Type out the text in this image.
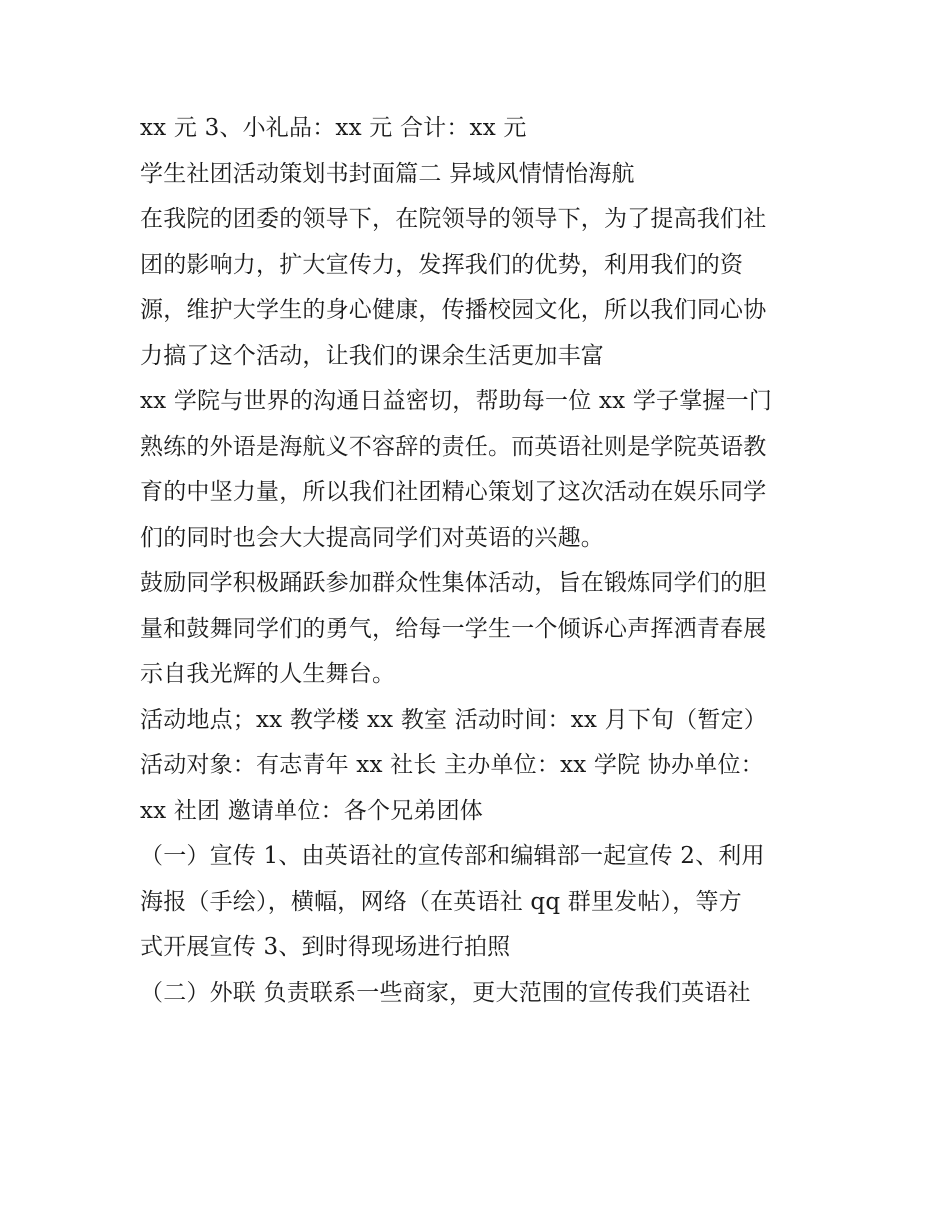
xx 元 3、小礼品：xx 元 合计：xx 元
学生社团活动策划书封面篇二 异域风情情怡海航
在我院的团委的领导下，在院领导的领导下，为了提高我们社
团的影响力，扩大宣传力，发挥我们的优势，利用我们的资
源，维护大学生的身心健康，传播校园文化，所以我们同心协
力搞了这个活动，让我们的课余生活更加丰富
xx 学院与世界的沟通日益密切，帮助每一位 xx 学子掌握一门
熟练的外语是海航义不容辞的责任。而英语社则是学院英语教
育的中坚力量，所以我们社团精心策划了这次活动在娱乐同学
们的同时也会大大提高同学们对英语的兴趣。
鼓励同学积极踊跃参加群众性集体活动，旨在锻炼同学们的胆
量和鼓舞同学们的勇气，给每一学生一个倾诉心声挥洒青春展
示自我光辉的人生舞台。
活动地点；xx 教学楼 xx 教室 活动时间：xx 月下旬（暂定）
活动对象：有志青年 xx 社长 主办单位：xx 学院 协办单位：
xx 社团 邀请单位：各个兄弟团体
（一）宣传 1、由英语社的宣传部和编辑部一起宣传 2、利用
海报（手绘），横幅，网络（在英语社 qq 群里发帖），等方
式开展宣传 3、到时得现场进行拍照
（二）外联 负责联系一些商家，更大范围的宣传我们英语社
